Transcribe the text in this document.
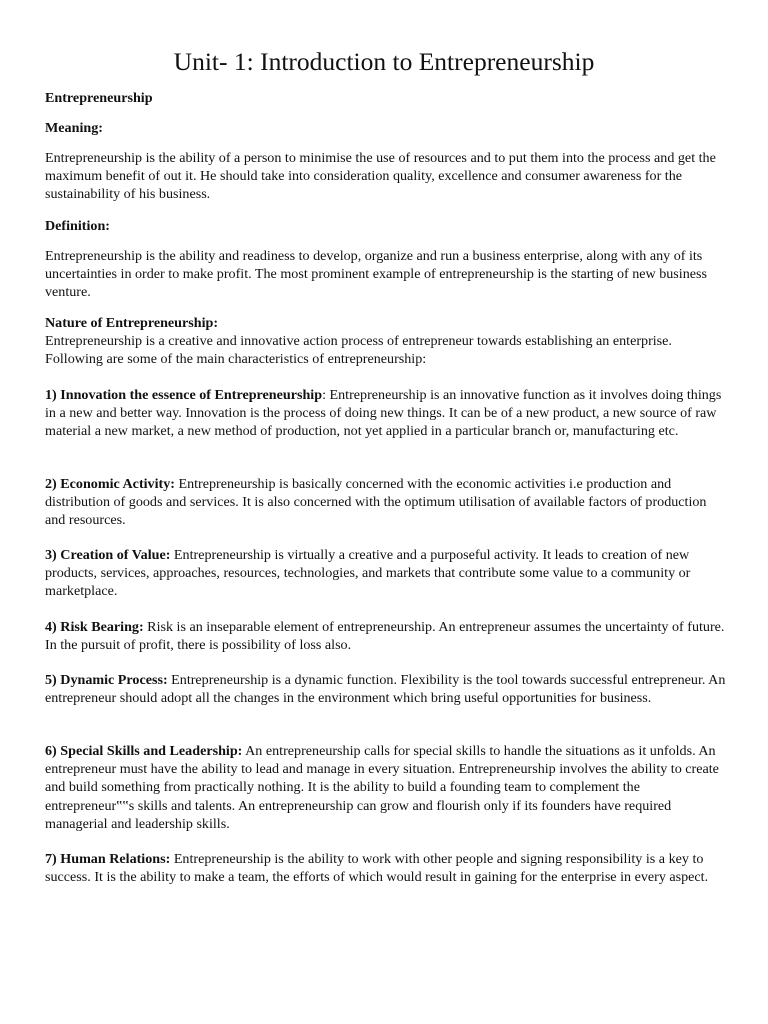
Unit- 1: Introduction to Entrepreneurship
Entrepreneurship
Meaning:
Entrepreneurship is the ability of a person to minimise the use of resources and to put them into the process and get the maximum benefit of out it. He should take into consideration quality, excellence and consumer awareness for the sustainability of his business.
Definition:
Entrepreneurship is the ability and readiness to develop, organize and run a business enterprise, along with any of its uncertainties in order to make profit. The most prominent example of entrepreneurship is the starting of new business venture.
Nature of Entrepreneurship:
Entrepreneurship is a creative and innovative action process of entrepreneur towards establishing an enterprise. Following are some of the main characteristics of entrepreneurship:
1) Innovation the essence of Entrepreneurship: Entrepreneurship is an innovative function as it involves doing things in a new and better way. Innovation is the process of doing new things. It can be of a new product, a new source of raw material a new market, a new method of production, not yet applied in a particular branch or, manufacturing etc.
2) Economic Activity: Entrepreneurship is basically concerned with the economic activities i.e production and distribution of goods and services. It is also concerned with the optimum utilisation of available factors of production and resources.
3) Creation of Value: Entrepreneurship is virtually a creative and a purposeful activity. It leads to creation of new products, services, approaches, resources, technologies, and markets that contribute some value to a community or marketplace.
4) Risk Bearing: Risk is an inseparable element of entrepreneurship. An entrepreneur assumes the uncertainty of future. In the pursuit of profit, there is possibility of loss also.
5) Dynamic Process: Entrepreneurship is a dynamic function. Flexibility is the tool towards successful entrepreneur. An entrepreneur should adopt all the changes in the environment which bring useful opportunities for business.
6) Special Skills and Leadership: An entrepreneurship calls for special skills to handle the situations as it unfolds. An entrepreneur must have the ability to lead and manage in every situation. Entrepreneurship involves the ability to create and build something from practically nothing. It is the ability to build a founding team to complement the entrepreneur‟‟s skills and talents. An entrepreneurship can grow and flourish only if its founders have required managerial and leadership skills.
7) Human Relations: Entrepreneurship is the ability to work with other people and signing responsibility is a key to success. It is the ability to make a team, the efforts of which would result in gaining for the enterprise in every aspect.
